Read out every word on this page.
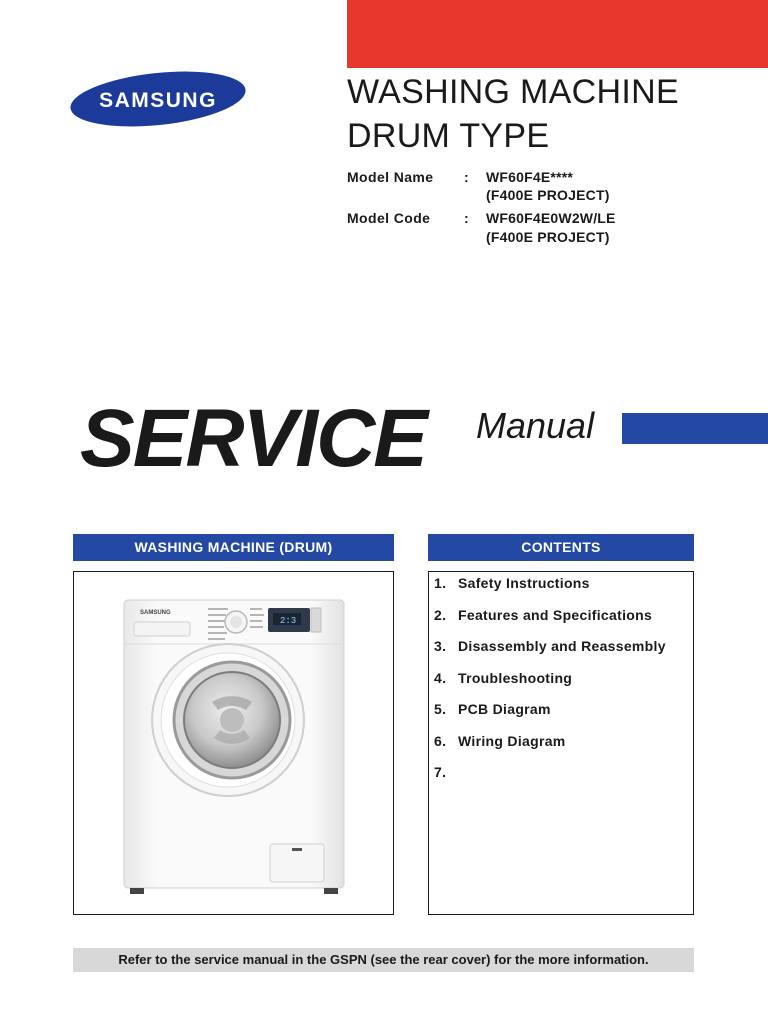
SAMSUNG	WASHING MACHINE
DRUM TYPE
Model Name	: WF60F4E****
(F400E PROJECT)
Model Code	: WF60F4E0W2W/LE
(F400E PROJECT)
SERVICE Manual
WASHING MACHINE (DRUM)	CONTENTS
SAMSUNG
2:3
1. Safety Instructions
2. Features and Specifications
3. Disassembly and Reassembly
4. Troubleshooting
5. PCB Diagram
6. Wiring Diagram
7.
Refer to the service manual in the GSPN (see the rear cover) for the more information.
